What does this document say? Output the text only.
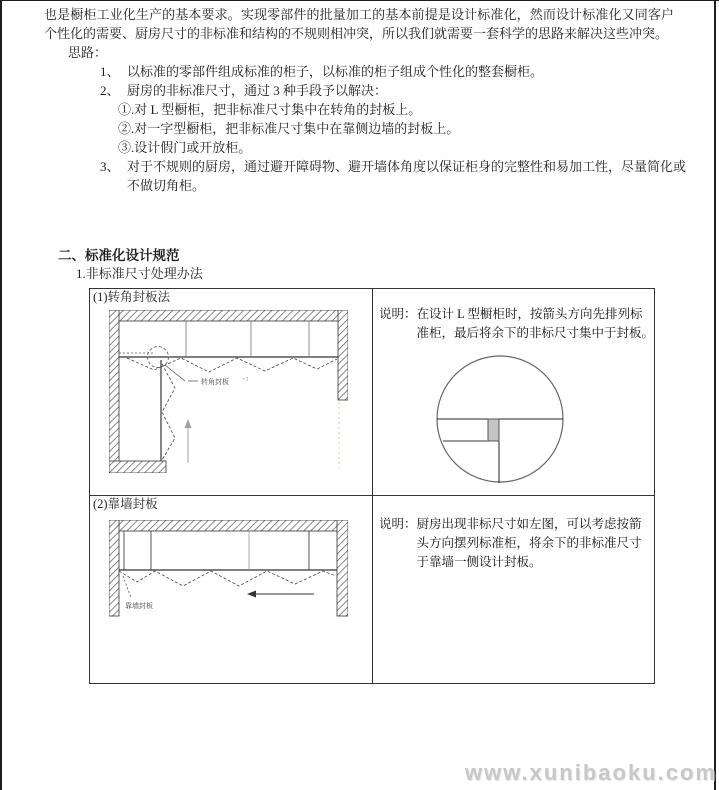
也是橱柜工业化生产的基本要求。实现零部件的批量加工的基本前提是设计标准化，然而设计标准化又同客户个性化的需要、厨房尺寸的非标准和结构的不规则相冲突，所以我们就需要一套科学的思路来解决这些冲突。
思路：
1、 以标准的零部件组成标准的柜子，以标准的柜子组成个性化的整套橱柜。
2、 厨房的非标准尺寸，通过 3 种手段予以解决：
①.对 L 型橱柜，把非标准尺寸集中在转角的封板上。
②.对一字型橱柜，把非标准尺寸集中在靠侧边墙的封板上。
③.设计假门或开放柜。
3、 对于不规则的厨房，通过避开障碍物、避开墙体角度以保证柜身的完整性和易加工性，尽量简化或不做切角柜。
二、标准化设计规范
1.非标准尺寸处理办法
(1)转角封板法
转角封板 =3
说明： 在设计 L 型橱柜时，按箭头方向先排列标
准柜，最后将余下的非标尺寸集中于封板。
(2)靠墙封板
靠墙封板
说明： 厨房出现非标尺寸如左图，可以考虑按箭
头方向摆列标准柜，将余下的非标准尺寸
于靠墙一侧设计封板。
www.xunibaoku.com
